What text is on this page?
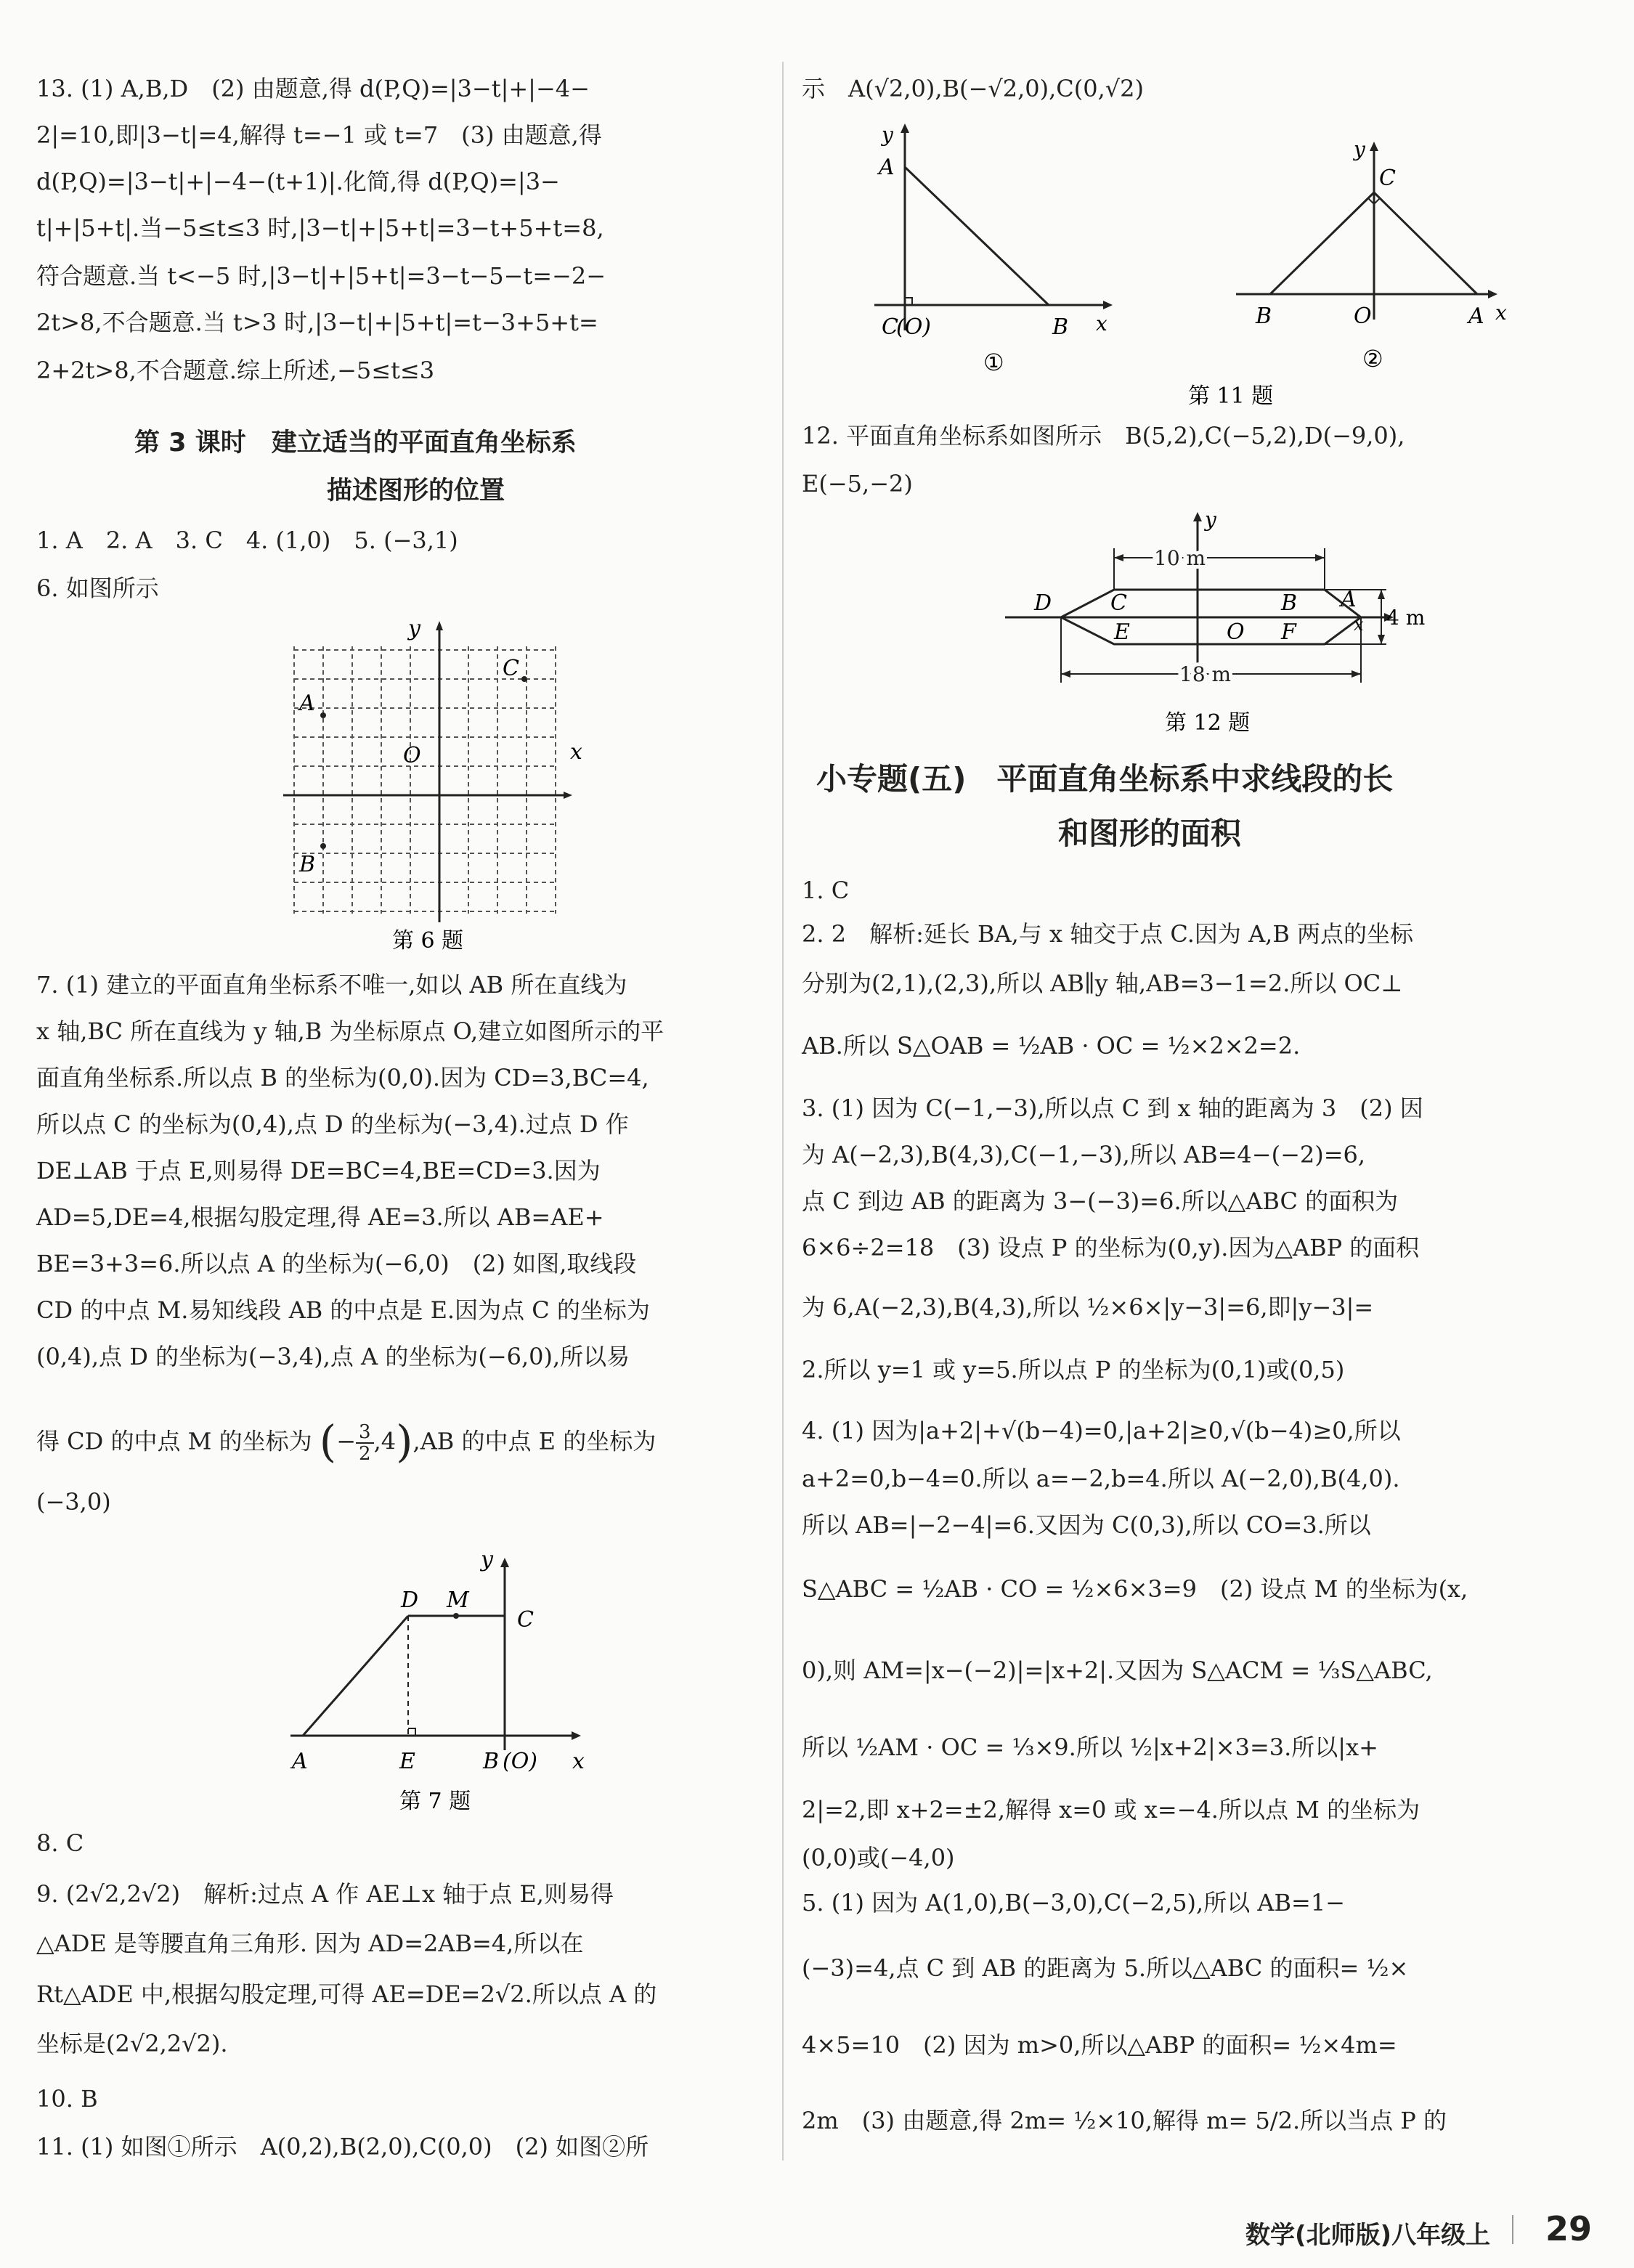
13. (1) A,B,D　(2) 由题意,得 d(P,Q)=|3−t|+|−4−
2|=10,即|3−t|=4,解得 t=−1 或 t=7　(3) 由题意,得
d(P,Q)=|3−t|+|−4−(t+1)|.化简,得 d(P,Q)=|3−
t|+|5+t|.当−5≤t≤3 时,|3−t|+|5+t|=3−t+5+t=8,
符合题意.当 t<−5 时,|3−t|+|5+t|=3−t−5−t=−2−
2t>8,不合题意.当 t>3 时,|3−t|+|5+t|=t−3+5+t=
2+2t>8,不合题意.综上所述,−5≤t≤3
第 3 课时　建立适当的平面直角坐标系
描述图形的位置
1. A　2. A　3. C　4. (1,0)　5. (−3,1)
6. 如图所示
y
x
O
A
B
C
第 6 题
7. (1) 建立的平面直角坐标系不唯一,如以 AB 所在直线为
x 轴,BC 所在直线为 y 轴,B 为坐标原点 O,建立如图所示的平
面直角坐标系.所以点 B 的坐标为(0,0).因为 CD=3,BC=4,
所以点 C 的坐标为(0,4),点 D 的坐标为(−3,4).过点 D 作
DE⊥AB 于点 E,则易得 DE=BC=4,BE=CD=3.因为
AD=5,DE=4,根据勾股定理,得 AE=3.所以 AB=AE+
BE=3+3=6.所以点 A 的坐标为(−6,0)　(2) 如图,取线段
CD 的中点 M.易知线段 AB 的中点是 E.因为点 C 的坐标为
(0,4),点 D 的坐标为(−3,4),点 A 的坐标为(−6,0),所以易
得 CD 的中点 M 的坐标为 (− $\frac{3}{2} ,4),AB$ 的中点 E 的坐标为
(−3,0)
y
x
A
D M
C
E	B (O)
第 7 题
8. C
9. (2√2,2√2)　解析:过点 A 作 AE⊥x 轴于点 E,则易得
△ADE 是等腰直角三角形. 因为 AD=2AB=4,所以在
Rt△ADE 中,根据勾股定理,可得 AE=DE=2√2.所以点 A 的
坐标是(2√2,2√2).
10. B
11. (1) 如图①所示　A(0,2),B(2,0),C(0,0)　(2) 如图②所
示　A(√2,0),B(−√2,0),C(0,√2)
y
A
C
(O)	B x
①
y
C
B	O	A x
②
第 11 题
12. 平面直角坐标系如图所示　B(5,2),C(−5,2),D(−9,0),
E(−5,−2)
y
10 m
D	C	B A
E	O F	x 4 m
18 m
第 12 题
小专题(五)　平面直角坐标系中求线段的长
和图形的面积
1. C
2. 2　解析:延长 BA,与 x 轴交于点 C.因为 A,B 两点的坐标
分别为(2,1),(2,3),所以 AB∥y 轴,AB=3−1=2.所以 OC⊥
AB.所以 S△OAB = ½AB · OC = ½×2×2=2.
3. (1) 因为 C(−1,−3),所以点 C 到 x 轴的距离为 3　(2) 因
为 A(−2,3),B(4,3),C(−1,−3),所以 AB=4−(−2)=6,
点 C 到边 AB 的距离为 3−(−3)=6.所以△ABC 的面积为
6×6÷2=18　(3) 设点 P 的坐标为(0,y).因为△ABP 的面积
为 6,A(−2,3),B(4,3),所以 ½×6×|y−3|=6,即|y−3|=
2.所以 y=1 或 y=5.所以点 P 的坐标为(0,1)或(0,5)
4. (1) 因为|a+2|+√(b−4)=0,|a+2|≥0,√(b−4)≥0,所以
a+2=0,b−4=0.所以 a=−2,b=4.所以 A(−2,0),B(4,0).
所以 AB=|−2−4|=6.又因为 C(0,3),所以 CO=3.所以
S△ABC = ½AB · CO = ½×6×3=9　(2) 设点 M 的坐标为(x,
0),则 AM=|x−(−2)|=|x+2|.又因为 S△ACM = ⅓S△ABC,
所以 ½AM · OC = ⅓×9.所以 ½|x+2|×3=3.所以|x+
2|=2,即 x+2=±2,解得 x=0 或 x=−4.所以点 M 的坐标为
(0,0)或(−4,0)
5. (1) 因为 A(1,0),B(−3,0),C(−2,5),所以 AB=1−
(−3)=4,点 C 到 AB 的距离为 5.所以△ABC 的面积= ½×
4×5=10　(2) 因为 m>0,所以△ABP 的面积= ½×4m=
2m　(3) 由题意,得 2m= ½×10,解得 m= 5/2.所以当点 P 的
数学(北师版)八年级上 29
